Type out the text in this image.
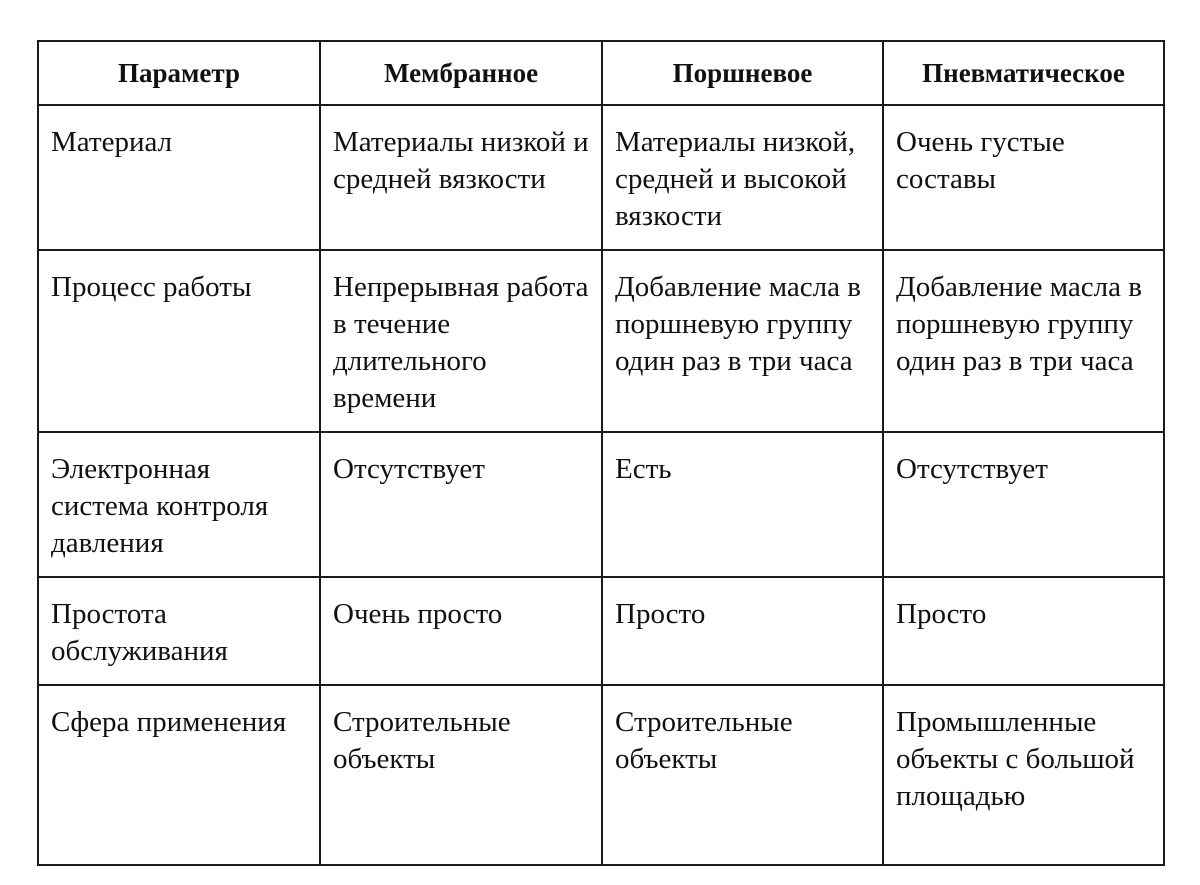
Параметр	Мембранное	Поршневое	Пневматическое
Материал	Материалы низкой и средней вязкости	Материалы низкой, средней и высокой вязкости	Очень густые составы
Процесс работы	Непрерывная работа в течение длительного времени	Добавление масла в поршневую группу один раз в три часа	Добавление масла в поршневую группу один раз в три часа
Электронная система контроля давления	Отсутствует	Есть	Отсутствует
Простота обслуживания	Очень просто	Просто	Просто
Сфера применения	Строительные объекты	Строительные объекты	Промышленные объекты с большой площадью
